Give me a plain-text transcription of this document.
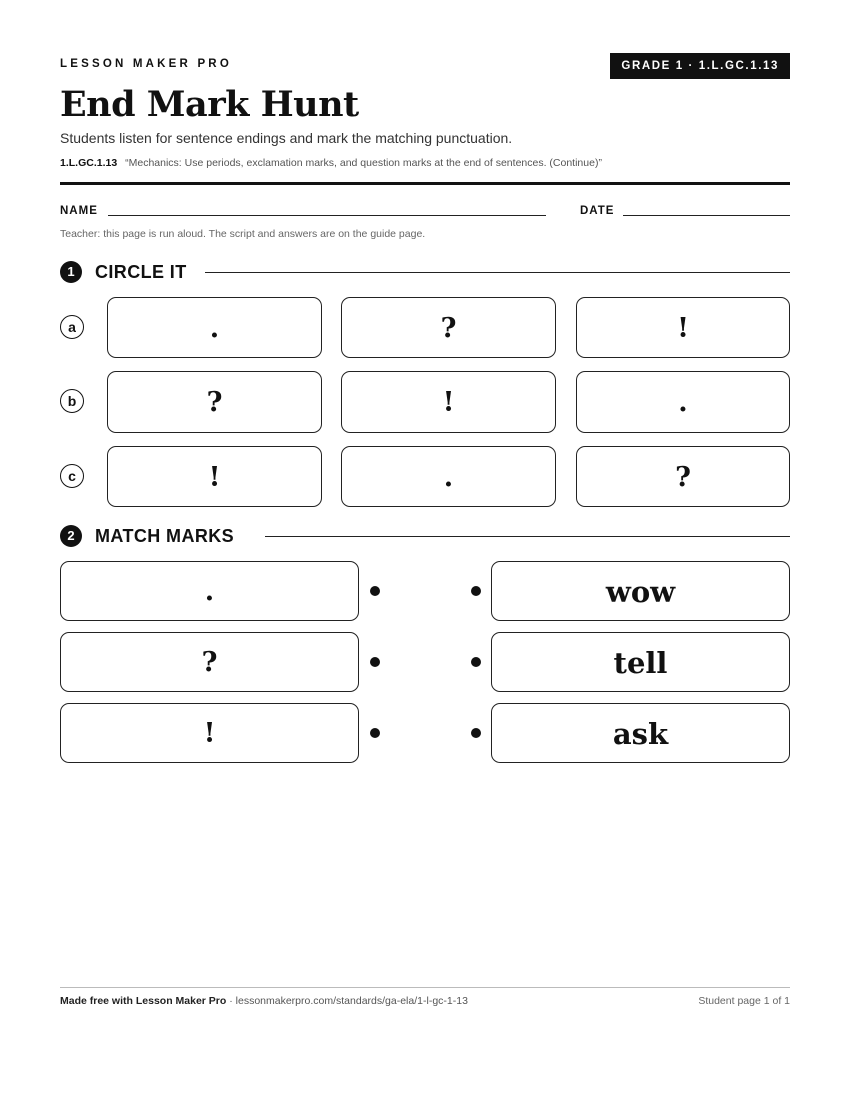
LESSON MAKER PRO	GRADE 1 · 1.L.GC.1.13
End Mark Hunt
Students listen for sentence endings and mark the matching punctuation.
1.L.GC.1.13 “Mechanics: Use periods, exclamation marks, and question marks at the end of sentences. (Continue)”
NAME	DATE
Teacher: this page is run aloud. The script and answers are on the guide page.
1	CIRCLE IT
a	.	?	!
b	?	!	.
c	!	.	?
2	MATCH MARKS
.	wow
?	tell
!	ask
Made free with Lesson Maker Pro · lessonmakerpro.com/standards/ga-ela/1-l-gc-1-13	Student page 1 of 1
